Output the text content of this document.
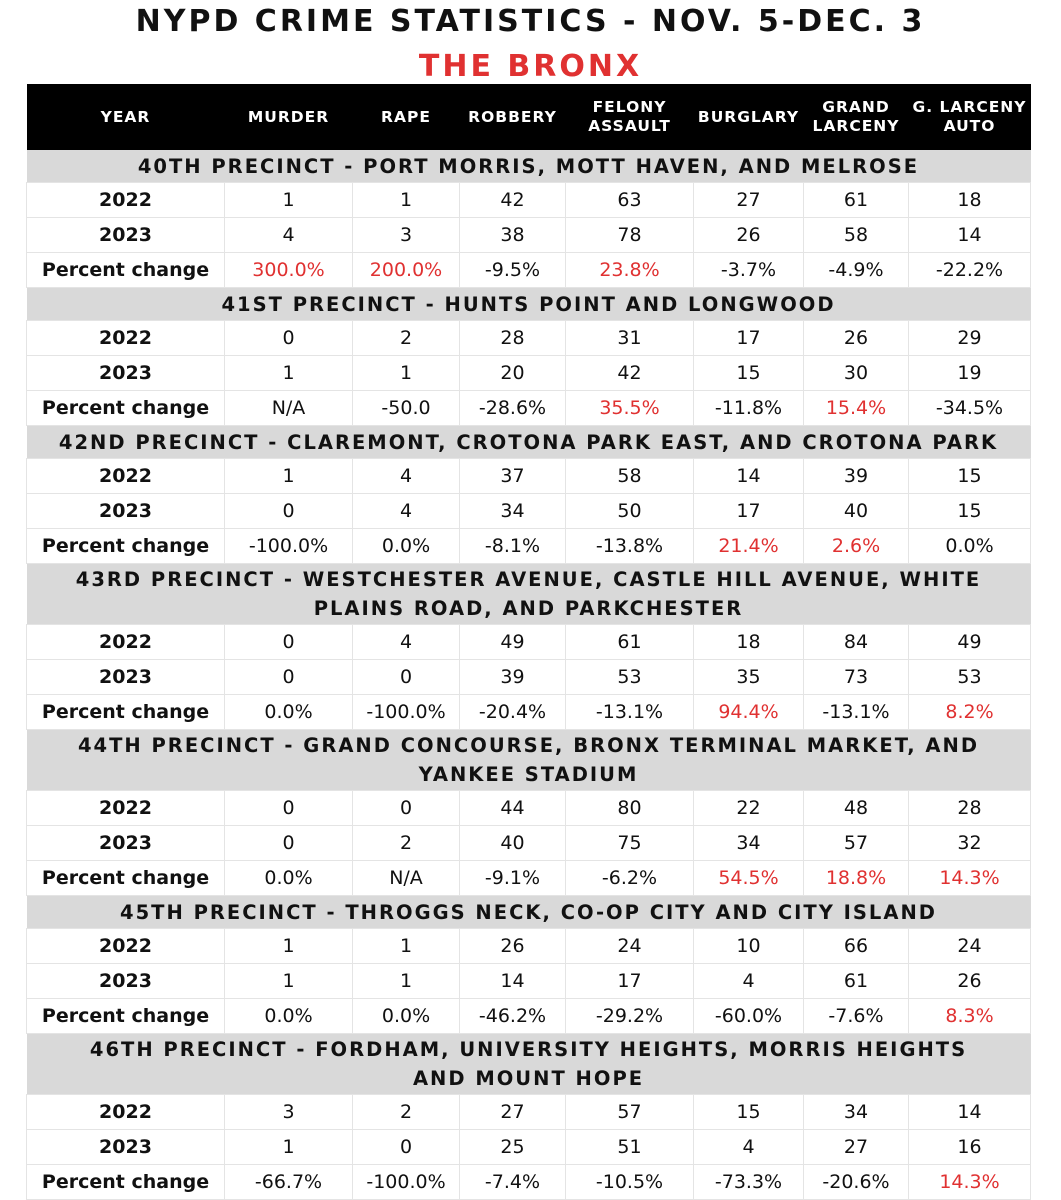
NYPD CRIME STATISTICS - NOV. 5-DEC. 3
THE BRONX
YEAR	MURDER	RAPE	ROBBERY	FELONY ASSAULT	BURGLARY	GRAND LARCENY	G. LARCENY AUTO
40TH PRECINCT - PORT MORRIS, MOTT HAVEN, AND MELROSE							
2022	1	1	42	63	27	61	18
2023	4	3	38	78	26	58	14
Percent change	300.0%	200.0%	-9.5%	23.8%	-3.7%	-4.9%	-22.2%
41ST PRECINCT - HUNTS POINT AND LONGWOOD							
2022	0	2	28	31	17	26	29
2023	1	1	20	42	15	30	19
Percent change	N/A	-50.0	-28.6%	35.5%	-11.8%	15.4%	-34.5%
42ND PRECINCT - CLAREMONT, CROTONA PARK EAST, AND CROTONA PARK							
2022	1	4	37	58	14	39	15
2023	0	4	34	50	17	40	15
Percent change	-100.0%	0.0%	-8.1%	-13.8%	21.4%	2.6%	0.0%
43RD PRECINCT - WESTCHESTER AVENUE, CASTLE HILL AVENUE, WHITE PLAINS ROAD, AND PARKCHESTER							
2022	0	4	49	61	18	84	49
2023	0	0	39	53	35	73	53
Percent change	0.0%	-100.0%	-20.4%	-13.1%	94.4%	-13.1%	8.2%
44TH PRECINCT - GRAND CONCOURSE, BRONX TERMINAL MARKET, AND YANKEE STADIUM							
2022	0	0	44	80	22	48	28
2023	0	2	40	75	34	57	32
Percent change	0.0%	N/A	-9.1%	-6.2%	54.5%	18.8%	14.3%
45TH PRECINCT - THROGGS NECK, CO-OP CITY AND CITY ISLAND							
2022	1	1	26	24	10	66	24
2023	1	1	14	17	4	61	26
Percent change	0.0%	0.0%	-46.2%	-29.2%	-60.0%	-7.6%	8.3%
46TH PRECINCT - FORDHAM, UNIVERSITY HEIGHTS, MORRIS HEIGHTS AND MOUNT HOPE							
2022	3	2	27	57	15	34	14
2023	1	0	25	51	4	27	16
Percent change	-66.7%	-100.0%	-7.4%	-10.5%	-73.3%	-20.6%	14.3%
